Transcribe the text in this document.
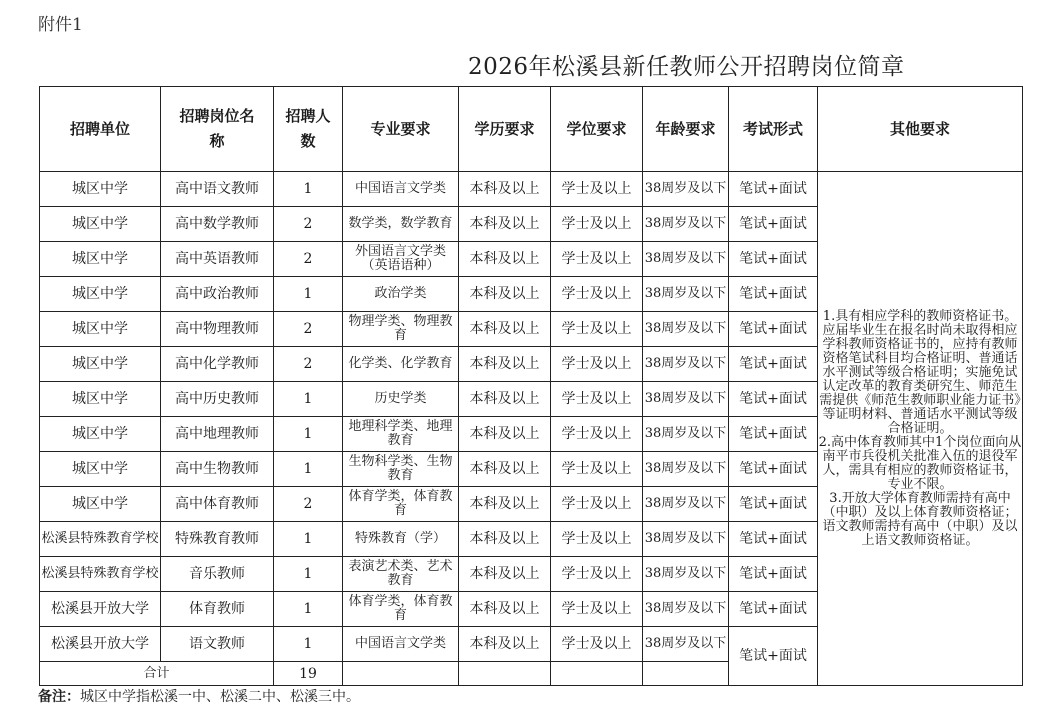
附件1
2026年松溪县新任教师公开招聘岗位简章
招聘单位	招聘岗位名称	招聘人数	专业要求	学历要求	学位要求	年龄要求	考试形式	其他要求
城区中学	高中语文教师	1	中国语言文学类	本科及以上	学士及以上	38周岁及以下	笔试+面试	1.具有相应学科的教师资格证书。应届毕业生在报名时尚未取得相应学科教师资格证书的，应持有教师资格笔试科目均合格证明、普通话水平测试等级合格证明；实施免试认定改革的教育类研究生、师范生需提供《师范生教师职业能力证书》等证明材料、普通话水平测试等级合格证明。
2.高中体育教师其中1个岗位面向从南平市兵役机关批准入伍的退役军人，需具有相应的教师资格证书，专业不限。
3.开放大学体育教师需持有高中（中职）及以上体育教师资格证；语文教师需持有高中（中职）及以上语文教师资格证。
城区中学	高中数学教师	2	数学类，数学教育	本科及以上	学士及以上	38周岁及以下	笔试+面试	
城区中学	高中英语教师	2	外国语言文学类（英语语种）	本科及以上	学士及以上	38周岁及以下	笔试+面试	
城区中学	高中政治教师	1	政治学类	本科及以上	学士及以上	38周岁及以下	笔试+面试	
城区中学	高中物理教师	2	物理学类、物理教育	本科及以上	学士及以上	38周岁及以下	笔试+面试	
城区中学	高中化学教师	2	化学类、化学教育	本科及以上	学士及以上	38周岁及以下	笔试+面试	
城区中学	高中历史教师	1	历史学类	本科及以上	学士及以上	38周岁及以下	笔试+面试	
城区中学	高中地理教师	1	地理科学类、地理教育	本科及以上	学士及以上	38周岁及以下	笔试+面试	
城区中学	高中生物教师	1	生物科学类、生物教育	本科及以上	学士及以上	38周岁及以下	笔试+面试	
城区中学	高中体育教师	2	体育学类，体育教育	本科及以上	学士及以上	38周岁及以下	笔试+面试	
松溪县特殊教育学校	特殊教育教师	1	特殊教育（学）	本科及以上	学士及以上	38周岁及以下	笔试+面试	
松溪县特殊教育学校	音乐教师	1	表演艺术类、艺术教育	本科及以上	学士及以上	38周岁及以下	笔试+面试	
松溪县开放大学	体育教师	1	体育学类，体育教育	本科及以上	学士及以上	38周岁及以下	笔试+面试	
松溪县开放大学	语文教师	1	中国语言文学类	本科及以上	学士及以上	38周岁及以下	笔试+面试	
合计		19						
备注：城区中学指松溪一中、松溪二中、松溪三中。
